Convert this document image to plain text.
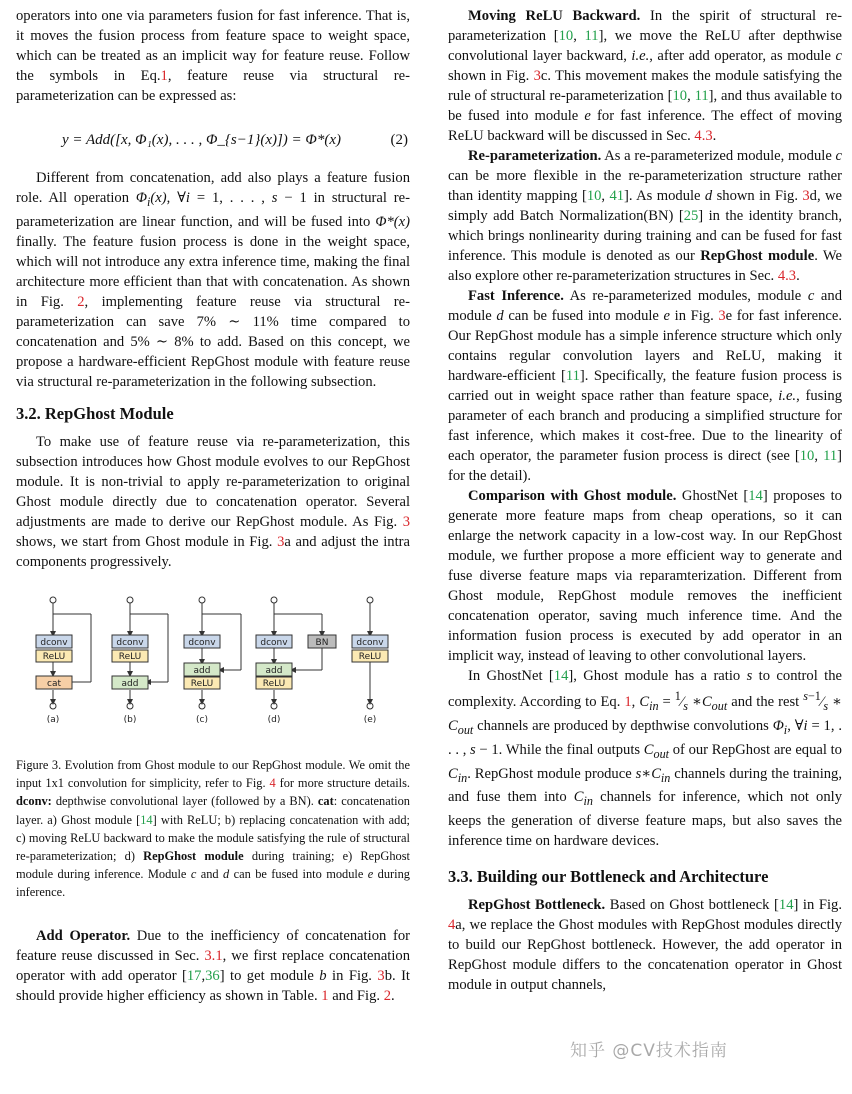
operators into one via parameters fusion for fast inference. That is, it moves the fusion process from feature space to weight space, which can be treated as an implicit way for feature reuse. Follow the symbols in Eq.1, feature reuse via structural re-parameterization can be expressed as:

y = Add([x, Φ₁(x), . . . , Φ_{s−1}(x)]) = Φ*(x)	(2)

Different from concatenation, add also plays a feature fusion role. All operation $\Phi_i(x)$, ∀i = 1, . . . , s − 1 in structural re-parameterization are linear function, and will be fused into Φ*(x) finally. The feature fusion process is done in the weight space, which will not introduce any extra inference time, making the final architecture more efficient than that with concatenation. As shown in Fig. 2, implementing feature reuse via structural re-parameterization can save 7% ∼ 11% time compared to concatenation and 5% ∼ 8% to add. Based on this concept, we propose a hardware-efficient RepGhost module with feature reuse via structural re-parameterization in the following subsection.

3.2. RepGhost Module

To make use of feature reuse via re-parameterization, this subsection introduces how Ghost module evolves to our RepGhost module. It is non-trivial to apply re-parameterization to original Ghost module directly due to concatenation operator. Several adjustments are made to derive our RepGhost module. As Fig. 3 shows, we start from Ghost module in Fig. 3a and adjust the intra components progressively.

dconv
ReLU
cat
dconv
ReLU
add
dconv
add
ReLU
dconv	BN
add
ReLU
dconv
ReLU
(a)	(b)	(c)	(d)	(e)

Figure 3. Evolution from Ghost module to our RepGhost module. We omit the input 1x1 convolution for simplicity, refer to Fig. 4 for more structure details. dconv: depthwise convolutional layer (followed by a BN). cat: concatenation layer. a) Ghost module [14] with ReLU; b) replacing concatenation with add; c) moving ReLU backward to make the module satisfying the rule of structural re-parameterization; d) RepGhost module during training; e) RepGhost module during inference. Module c and d can be fused into module e during inference.

Add Operator. Due to the inefficiency of concatenation for feature reuse discussed in Sec. 3.1, we first replace concatenation operator with add operator [17,36] to get module b in Fig. 3b. It should provide higher efficiency as shown in Table. 1 and Fig. 2.

Moving ReLU Backward. In the spirit of structural re-parameterization [10, 11], we move the ReLU after depthwise convolutional layer backward, i.e., after add operator, as module c shown in Fig. 3c. This movement makes the module satisfying the rule of structural re-parameterization [10, 11], and thus available to be fused into module e for fast inference. The effect of moving ReLU backward will be discussed in Sec. 4.3.

Re-parameterization. As a re-parameterized module, module c can be more flexible in the re-parameterization structure rather than identity mapping [10, 41]. As module d shown in Fig. 3d, we simply add Batch Normalization(BN) [25] in the identity branch, which brings nonlinearity during training and can be fused for fast inference. This module is denoted as our RepGhost module. We also explore other re-parameterization structures in Sec. 4.3.

Fast Inference. As re-parameterized modules, module c and module d can be fused into module e in Fig. 3e for fast inference. Our RepGhost module has a simple inference structure which only contains regular convolution layers and ReLU, making it hardware-efficient [11]. Specifically, the feature fusion process is carried out in weight space rather than feature space, i.e., fusing parameter of each branch and producing a simplified structure for fast inference, which makes it cost-free. Due to the linearity of each operator, the parameter fusion process is direct (see [10, 11] for the detail).

Comparison with Ghost module. GhostNet [14] proposes to generate more feature maps from cheap operations, so it can enlarge the network capacity in a low-cost way. In our RepGhost module, we further propose a more efficient way to generate and fuse diverse feature maps via reparamterization. Different from Ghost module, RepGhost module removes the inefficient concatenation operator, saving much inference time. And the information fusion process is executed by add operator in an implicit way, instead of leaving to other convolutional layers.

In GhostNet [14], Ghost module has a ratio s to control the complexity. According to Eq. 1, $C_{in}$ = $^1⁄_s$ $∗C_{out}$ and the rest $^{s-1}⁄_s$ ∗ $C_{out}$ channels are produced by depthwise convolutions $\Phi_i$, ∀i = 1, . . . , s − 1. While the final outputs $C_{out}$ of our RepGhost are equal to $C_{in}$. RepGhost module produce $s∗C_{in}$ channels during the training, and fuse them into $C_{in}$ channels for inference, which not only keeps the generation of diverse feature maps, but also saves the inference time on hardware devices.

3.3. Building our Bottleneck and Architecture

RepGhost Bottleneck. Based on Ghost bottleneck [14] in Fig. 4a, we replace the Ghost modules with RepGhost modules directly to build our RepGhost bottleneck. However, the add operator in RepGhost module differs to the concatenation operator in Ghost module in output channels,

知乎 @CV技术指南
